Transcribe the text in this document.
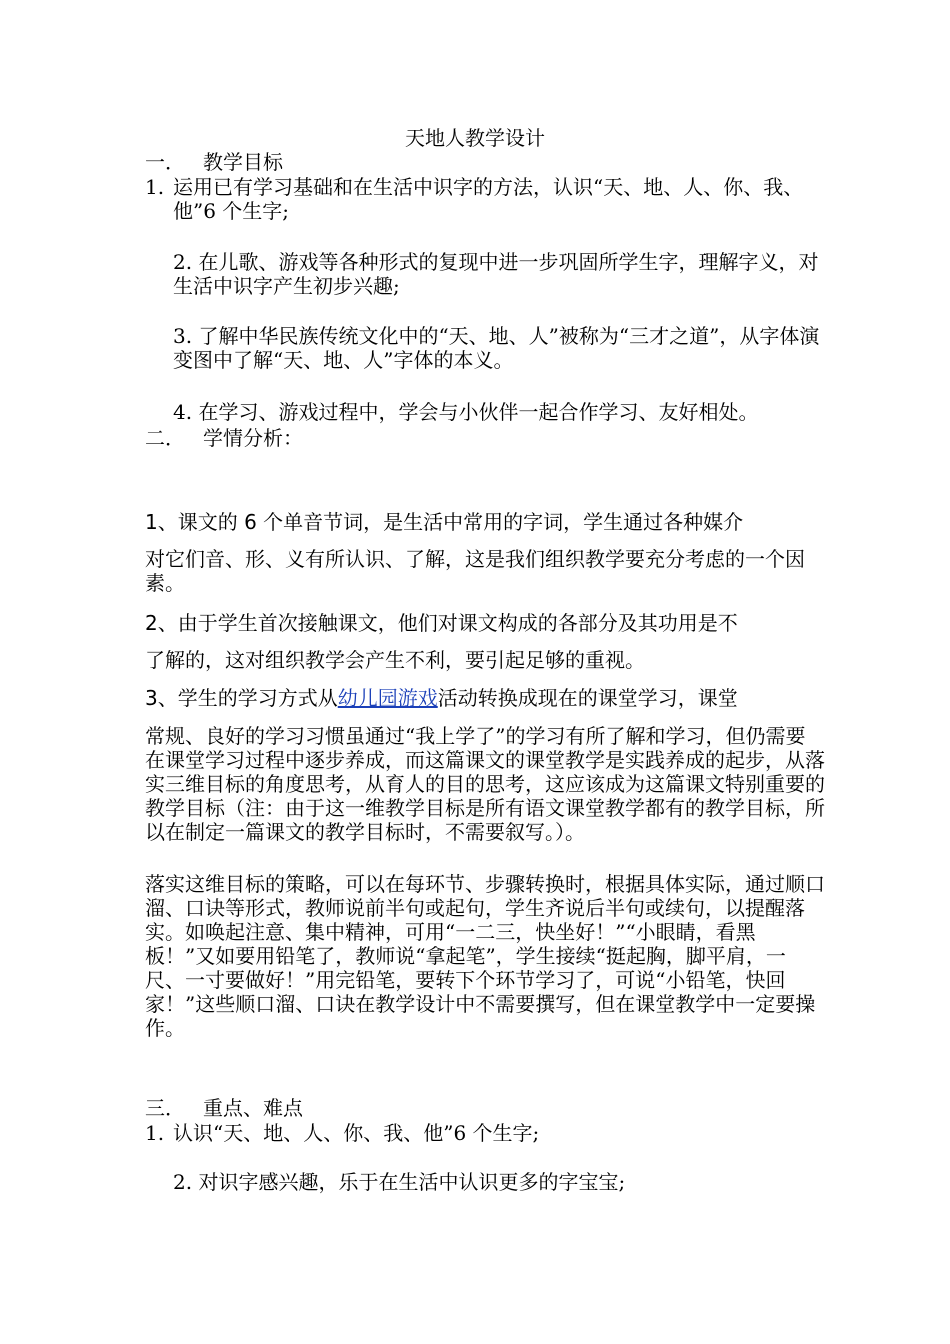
天地人教学设计
一． 教学目标
1. 运用已有学习基础和在生活中识字的方法，认识“天、地、人、你、我、他”6 个生字;
2. 在儿歌、游戏等各种形式的复现中进一步巩固所学生字，理解字义，对生活中识字产生初步兴趣;
3. 了解中华民族传统文化中的“天、地、人”被称为“三才之道”，从字体演变图中了解“天、地、人”字体的本义。
4. 在学习、游戏过程中，学会与小伙伴一起合作学习、友好相处。
二． 学情分析：
1、课文的 6 个单音节词，是生活中常用的字词，学生通过各种媒介
对它们音、形、义有所认识、了解，这是我们组织教学要充分考虑的一个因素。
2、由于学生首次接触课文，他们对课文构成的各部分及其功用是不
了解的，这对组织教学会产生不利，要引起足够的重视。
3、学生的学习方式从幼儿园游戏活动转换成现在的课堂学习，课堂
常规、良好的学习习惯虽通过“我上学了”的学习有所了解和学习，但仍需要在课堂学习过程中逐步养成，而这篇课文的课堂教学是实践养成的起步，从落实三维目标的角度思考，从育人的目的思考，这应该成为这篇课文特别重要的教学目标（注：由于这一维教学目标是所有语文课堂教学都有的教学目标，所以在制定一篇课文的教学目标时，不需要叙写。）。
落实这维目标的策略，可以在每环节、步骤转换时，根据具体实际，通过顺口溜、口诀等形式，教师说前半句或起句，学生齐说后半句或续句，以提醒落实。如唤起注意、集中精神，可用“一二三，快坐好！”“小眼睛，看黑板！”又如要用铅笔了，教师说“拿起笔”，学生接续“挺起胸，脚平肩，一尺、一寸要做好！”用完铅笔，要转下个环节学习了，可说“小铅笔，快回家！”这些顺口溜、口诀在教学设计中不需要撰写，但在课堂教学中一定要操作。
三． 重点、难点
1. 认识“天、地、人、你、我、他”6 个生字;
2. 对识字感兴趣，乐于在生活中认识更多的字宝宝;
